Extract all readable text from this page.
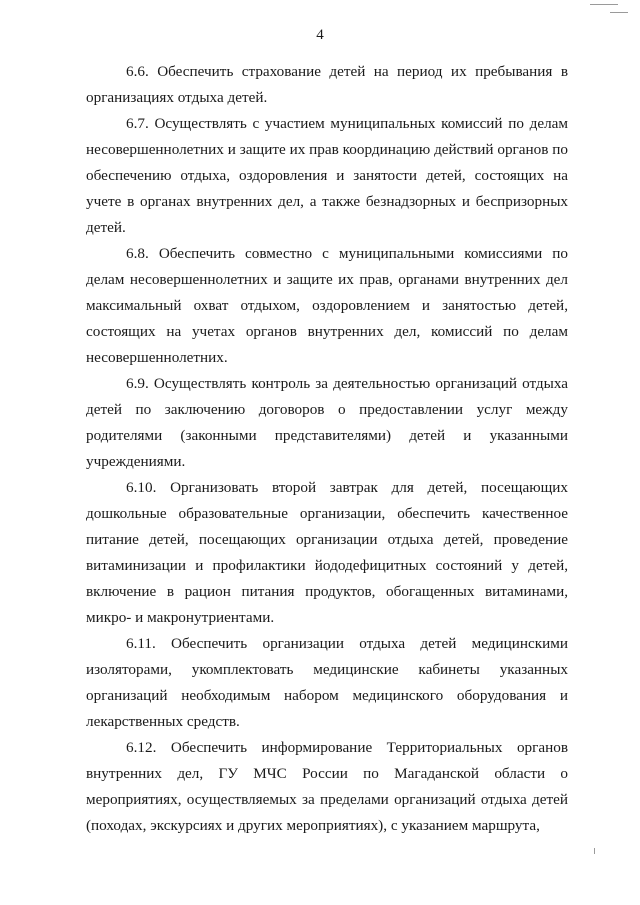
4
6.6. Обеспечить страхование детей на период их пребывания в
организациях отдыха детей.
6.7. Осуществлять с участием муниципальных комиссий по делам
несовершеннолетних и защите их прав координацию действий органов по
обеспечению отдыха, оздоровления и занятости детей, состоящих на
учете в органах внутренних дел, а также безнадзорных и беспризорных
детей.
6.8. Обеспечить совместно с муниципальными комиссиями по
делам несовершеннолетних и защите их прав, органами внутренних дел
максимальный охват отдыхом, оздоровлением и занятостью детей,
состоящих на учетах органов внутренних дел, комиссий по делам
несовершеннолетних.
6.9. Осуществлять контроль за деятельностью организаций отдыха
детей по заключению договоров о предоставлении услуг между
родителями (законными представителями) детей и указанными
учреждениями.
6.10. Организовать второй завтрак для детей, посещающих
дошкольные образовательные организации, обеспечить качественное
питание детей, посещающих организации отдыха детей, проведение
витаминизации и профилактики йододефицитных состояний у детей,
включение в рацион питания продуктов, обогащенных витаминами,
микро- и макронутриентами.
6.11. Обеспечить организации отдыха детей медицинскими
изоляторами, укомплектовать медицинские кабинеты указанных
организаций необходимым набором медицинского оборудования и
лекарственных средств.
6.12. Обеспечить информирование Территориальных органов
внутренних дел, ГУ МЧС России по Магаданской области о
мероприятиях, осуществляемых за пределами организаций отдыха детей
(походах, экскурсиях и других мероприятиях), с указанием маршрута,
